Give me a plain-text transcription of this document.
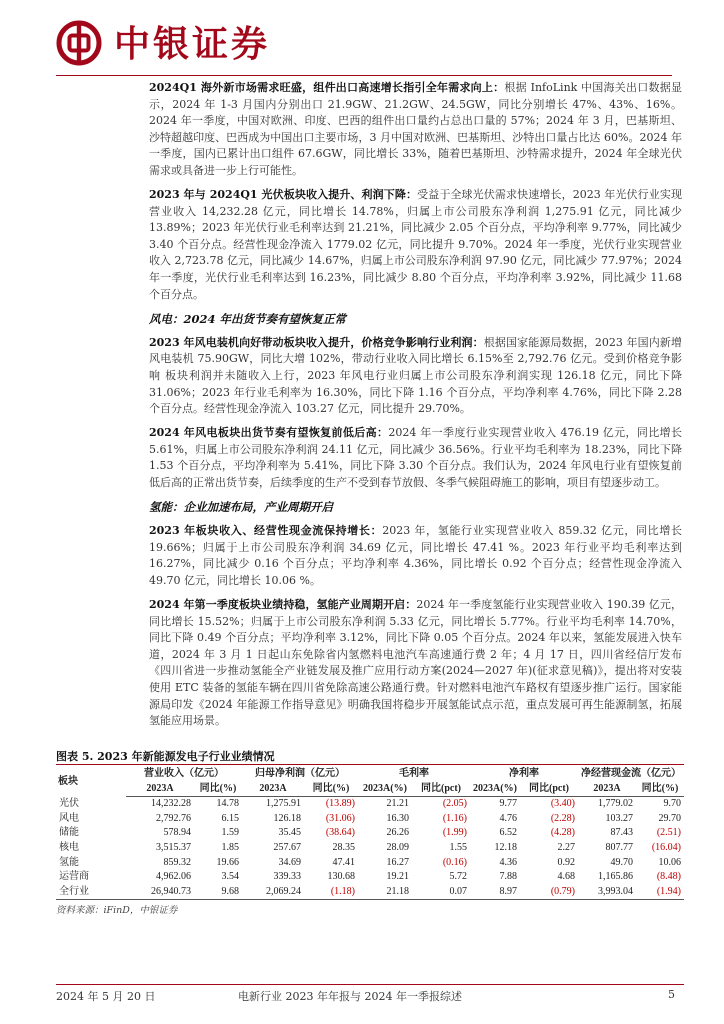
中银证券

2024Q1 海外新市场需求旺盛，组件出口高速增长指引全年需求向上：根据 InfoLink 中国海关出口数据显示，2024 年 1-3 月国内分别出口 21.9GW、21.2GW、24.5GW，同比分别增长 47%、43%、16%。2024 年一季度，中国对欧洲、印度、巴西的组件出口量约占总出口量的 57%；2024 年 3 月，巴基斯坦、沙特超越印度、巴西成为中国出口主要市场，3 月中国对欧洲、巴基斯坦、沙特出口量占比达 60%。2024 年一季度，国内已累计出口组件 67.6GW，同比增长 33%，随着巴基斯坦、沙特需求提升，2024 年全球光伏需求或具备进一步上行可能性。

2023 年与 2024Q1 光伏板块收入提升、利润下降：受益于全球光伏需求快速增长，2023 年光伏行业实现营业收入 14,232.28 亿元，同比增长 14.78%，归属上市公司股东净利润 1,275.91 亿元，同比减少 13.89%；2023 年光伏行业毛利率达到 21.21%，同比减少 2.05 个百分点，平均净利率 9.77%，同比减少 3.40 个百分点。经营性现金净流入 1779.02 亿元，同比提升 9.70%。2024 年一季度，光伏行业实现营业收入 2,723.78 亿元，同比减少 14.67%，归属上市公司股东净利润 97.90 亿元，同比减少 77.97%；2024 年一季度，光伏行业毛利率达到 16.23%，同比减少 8.80 个百分点，平均净利率 3.92%，同比减少 11.68 个百分点。

风电：2024 年出货节奏有望恢复正常

2023 年风电装机向好带动板块收入提升，价格竞争影响行业利润：根据国家能源局数据，2023 年国内新增风电装机 75.90GW，同比大增 102%，带动行业收入同比增长 6.15%至 2,792.76 亿元。受到价格竞争影响 板块利润并未随收入上行，2023 年风电行业归属上市公司股东净利润实现 126.18 亿元，同比下降 31.06%；2023 年行业毛利率为 16.30%，同比下降 1.16 个百分点，平均净利率 4.76%，同比下降 2.28 个百分点。经营性现金净流入 103.27 亿元，同比提升 29.70%。

2024 年风电板块出货节奏有望恢复前低后高：2024 年一季度行业实现营业收入 476.19 亿元，同比增长 5.61%，归属上市公司股东净利润 24.11 亿元，同比减少 36.56%。行业平均毛利率为 18.23%，同比下降 1.53 个百分点，平均净利率为 5.41%，同比下降 3.30 个百分点。我们认为，2024 年风电行业有望恢复前低后高的正常出货节奏，后续季度的生产不受到春节放假、冬季气候阻碍施工的影响，项目有望逐步动工。

氢能：企业加速布局，产业周期开启

2023 年板块收入、经营性现金流保持增长：2023 年，氢能行业实现营业收入 859.32 亿元，同比增长 19.66%；归属于上市公司股东净利润 34.69 亿元，同比增长 47.41 %。2023 年行业平均毛利率达到 16.27%，同比减少 0.16 个百分点；平均净利率 4.36%，同比增长 0.92 个百分点；经营性现金净流入 49.70 亿元，同比增长 10.06 %。

2024 年第一季度板块业绩持稳，氢能产业周期开启：2024 年一季度氢能行业实现营业收入 190.39 亿元，同比增长 15.52%；归属于上市公司股东净利润 5.33 亿元，同比增长 5.77%。行业平均毛利率 14.70%，同比下降 0.49 个百分点；平均净利率 3.12%，同比下降 0.05 个百分点。2024 年以来，氢能发展进入快车道，2024 年 3 月 1 日起山东免除省内氢燃料电池汽车高速通行费 2 年；4 月 17 日，四川省经信厅发布《四川省进一步推动氢能全产业链发展及推广应用行动方案(2024—2027 年)(征求意见稿)》，提出将对安装使用 ETC 装备的氢能车辆在四川省免除高速公路通行费。针对燃料电池汽车路权有望逐步推广运行。国家能源局印发《2024 年能源工作指导意见》明确我国将稳步开展氢能试点示范，重点发展可再生能源制氢，拓展氢能应用场景。

图表 5. 2023 年新能源发电子行业业绩情况
板块	营业收入（亿元）		归母净利润（亿元）		毛利率		净利率		净经营现金流（亿元）	
	2023A	同比(%)	2023A	同比(%)	2023A(%)	同比(pct)	2023A(%)	同比(pct)	2023A	同比(%)
光伏	14,232.28	14.78	1,275.91	(13.89)	21.21	(2.05)	9.77	(3.40)	1,779.02	9.70
风电	2,792.76	6.15	126.18	(31.06)	16.30	(1.16)	4.76	(2.28)	103.27	29.70
储能	578.94	1.59	35.45	(38.64)	26.26	(1.99)	6.52	(4.28)	87.43	(2.51)
核电	3,515.37	1.85	257.67	28.35	28.09	1.55	12.18	2.27	807.77	(16.04)
氢能	859.32	19.66	34.69	47.41	16.27	(0.16)	4.36	0.92	49.70	10.06
运营商	4,962.06	3.54	339.33	130.68	19.21	5.72	7.88	4.68	1,165.86	(8.48)
全行业	26,940.73	9.68	2,069.24	(1.18)	21.18	0.07	8.97	(0.79)	3,993.04	(1.94)
资料来源：iFinD，中银证券
2024 年 5 月 20 日	电新行业 2023 年年报与 2024 年一季报综述	5
